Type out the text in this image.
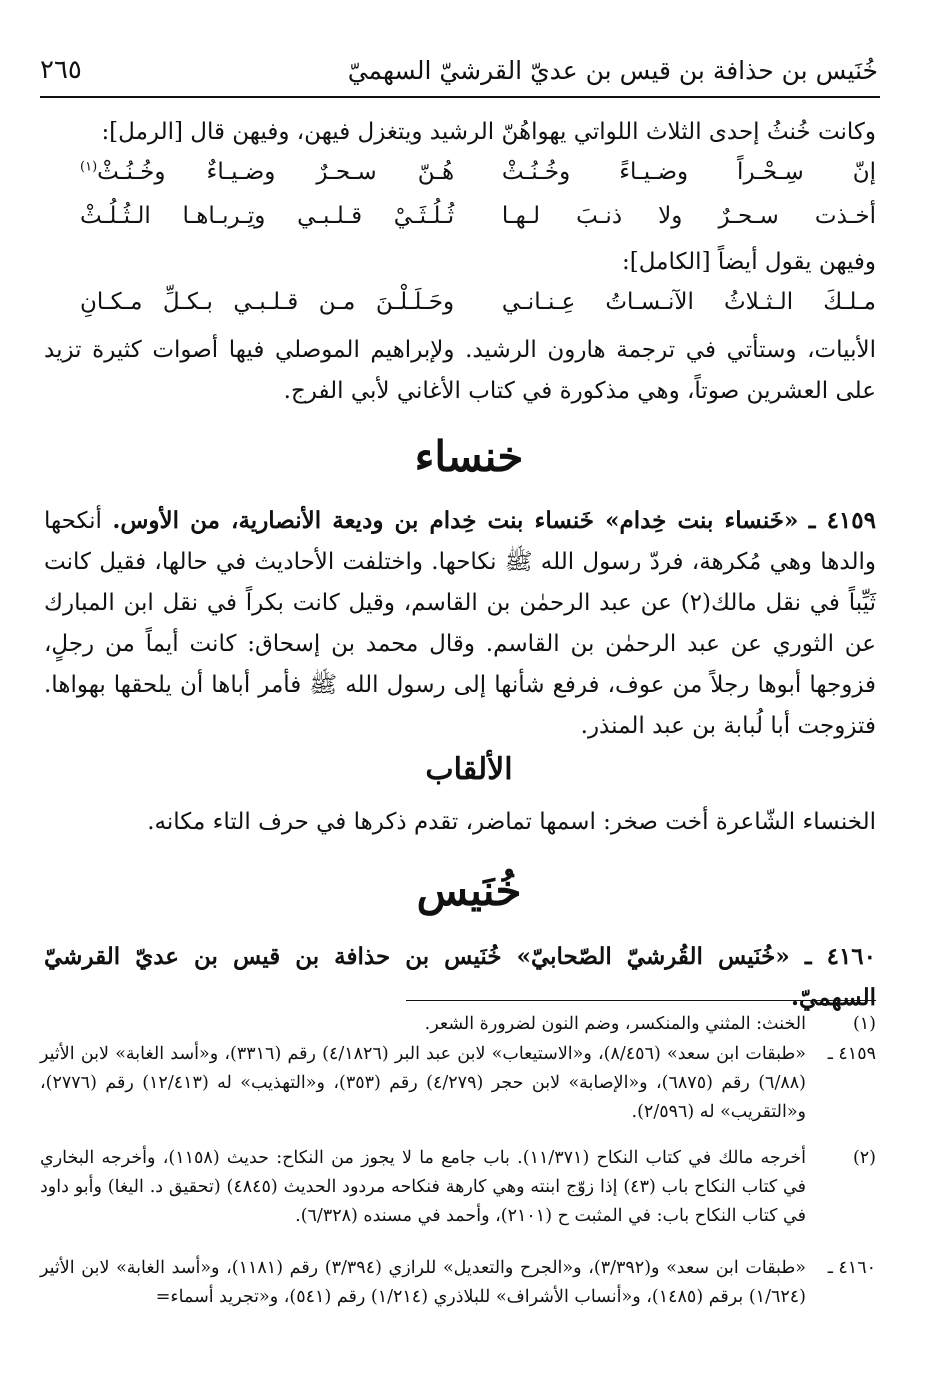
خُنَيس بن حذافة بن قيس بن عديّ القرشيّ السهميّ
٢٦٥
وكانت خُنثُ إحدى الثلاث اللواتي يهواهُنّ الرشيد ويتغزل فيهن، وفيهن قال [الرمل]:
إنّ سِـحْـراً وضـيـاءً وخُـنُـثْ
هُـنّ سـحـرٌ وضـيـاءٌ وخُـنُـثْ$^{(١)}$
أخـذت سـحـرٌ ولا ذنـبَ لـهـا
ثُـلُـثَـيْ قـلـبـي وتِـربـاهـا الـثُـلُـثْ
وفيهن يقول أيضاً [الكامل]:
مـلـكَ الـثـلاثُ الآنـسـاتُ عِـنـانـي
وحَـلَـلْـنَ مـن قـلـبـي بـكـلِّ مـكـانِ
الأبيات، وستأتي في ترجمة هارون الرشيد. ولإبراهيم الموصلي فيها أصوات كثيرة تزيد على العشرين صوتاً، وهي مذكورة في كتاب الأغاني لأبي الفرج.
خنساء
٤١٥٩ ـ «خَنساء بنت خِدام» خَنساء بنت خِدام بن وديعة الأنصارية، من الأوس. أنكحها والدها وهي مُكرهة، فردّ رسول الله ﷺ نكاحها. واختلفت الأحاديث في حالها، فقيل كانت ثَيِّباً في نقل مالك(٢) عن عبد الرحمٰن بن القاسم، وقيل كانت بكراً في نقل ابن المبارك عن الثوري عن عبد الرحمٰن بن القاسم. وقال محمد بن إسحاق: كانت أيماً من رجلٍ، فزوجها أبوها رجلاً من عوف، فرفع شأنها إلى رسول الله ﷺ فأمر أباها أن يلحقها بهواها. فتزوجت أبا لُبابة بن عبد المنذر.
الألقاب
الخنساء الشّاعرة أخت صخر: اسمها تماضر، تقدم ذكرها في حرف التاء مكانه.
خُنَيس
٤١٦٠ ـ «خُنَيس القُرشيّ الصّحابيّ» خُنَيس بن حذافة بن قيس بن عديّ القرشيّ السهميّ.
(١)
الخنث: المثني والمنكسر، وضم النون لضرورة الشعر.
٤١٥٩ ـ
«طبقات ابن سعد» (٨/٤٥٦)، و«الاستيعاب» لابن عبد البر (٤/١٨٢٦) رقم (٣٣١٦)، و«أسد الغابة» لابن الأثير (٦/٨٨) رقم (٦٨٧٥)، و«الإصابة» لابن حجر (٤/٢٧٩) رقم (٣٥٣)، و«التهذيب» له (١٢/٤١٣) رقم (٢٧٧٦)، و«التقريب» له (٢/٥٩٦).
(٢)
أخرجه مالك في كتاب النكاح (١١/٣٧١). باب جامع ما لا يجوز من النكاح: حديث (١١٥٨)، وأخرجه البخاري في كتاب النكاح باب (٤٣) إذا زوّج ابنته وهي كارهة فنكاحه مردود الحديث (٤٨٤٥) (تحقيق د. اليغا) وأبو داود في كتاب النكاح باب: في المثبت ح (٢١٠١)، وأحمد في مسنده (٦/٣٢٨).
٤١٦٠ ـ
«طبقات ابن سعد» و(٣/٣٩٢)، و«الجرح والتعديل» للرازي (٣/٣٩٤) رقم (١١٨١)، و«أسد الغابة» لابن الأثير (١/٦٢٤) برقم (١٤٨٥)، و«أنساب الأشراف» للبلاذري (١/٢١٤) رقم (٥٤١)، و«تجريد أسماء=
